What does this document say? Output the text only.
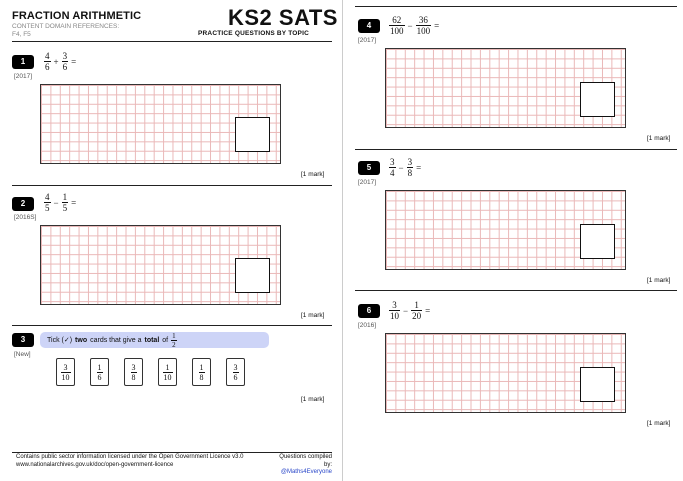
FRACTION ARITHMETIC
CONTENT DOMAIN REFERENCES:
F4, F5
KS2 SATS
PRACTICE QUESTIONS BY TOPIC
1	$\frac{4}{6} + \frac{3}{6}$ =
[2017]
[1 mark]
2	$\frac{4}{5} - \frac{1}{5}$ =
[2016S]
[1 mark]
3
[New]
Tick (✓) two cards that give a total of $\frac{1}{2}$
$\frac{3}{10}$	$\frac{1}{6}$	$\frac{3}{8}$	$\frac{1}{10}$	$\frac{1}{8}$	$\frac{3}{6}$
[1 mark]
Contains public sector information licensed under the Open Government Licence v3.0
www.nationalarchives.gov.uk/doc/open-government-licence
Questions compiled by:
@Maths4Everyone
4	$\frac{62}{100} - \frac{36}{100}$ =
[2017]
[1 mark]
5	$\frac{3}{4} - \frac{3}{8}$ =
[2017]
[1 mark]
6	$\frac{3}{10} - \frac{1}{20}$ =
[2016]
[1 mark]
